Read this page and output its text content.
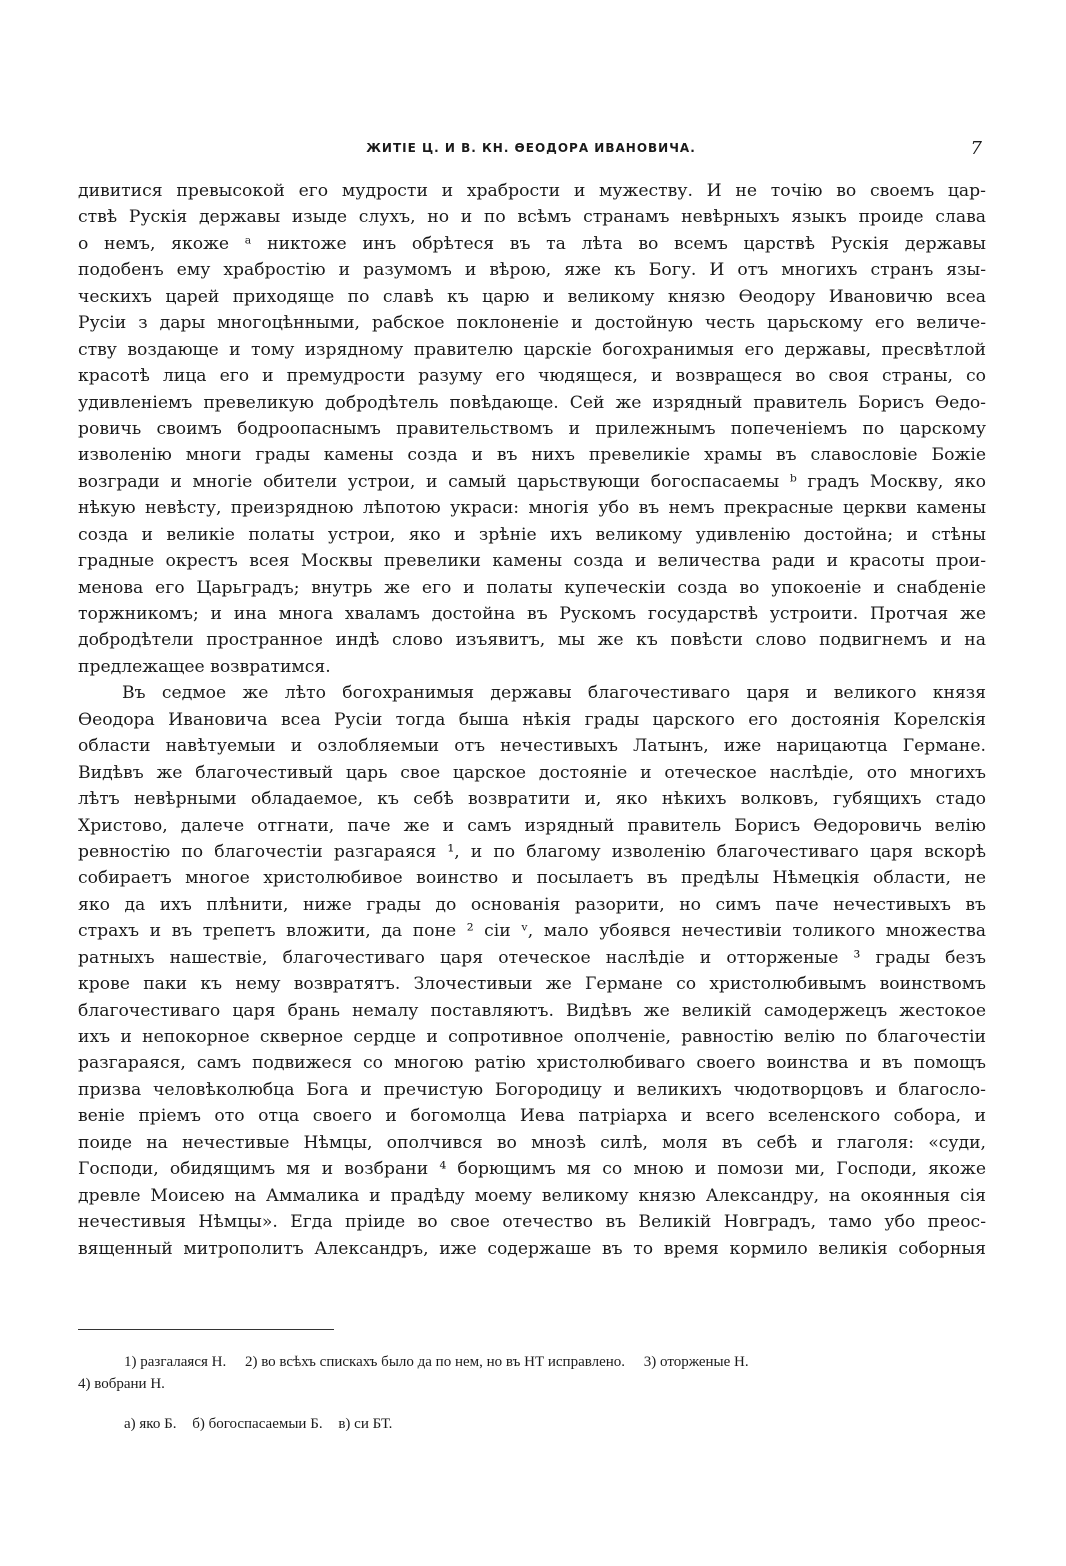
ЖИТІЕ Ц. И В. КН. ѲЕОДОРА ИВАНОВИЧА.	7
дивитися превысокой его мудрости и храбрости и мужеству. И не точію во своемъ цар-
ствѣ Рускія державы изыде слухъ, но и по всѣмъ странамъ невѣрныхъ языкъ проиде слава
о немъ, якоже ᵃ никтоже инъ обрѣтеся въ та лѣта во всемъ царствѣ Рускія державы
подобенъ ему храбростію и разумомъ и вѣрою, яже къ Богу. И отъ многихъ странъ язы-
ческихъ царей приходяще по славѣ къ царю и великому князю Ѳеодору Ивановичю всеа
Русіи з дары многоцѣнными, рабское поклоненіе и достойную честь царьскому его величе-
ству воздающе и тому изрядному правителю царскіе богохранимыя его державы, пресвѣтлой
красотѣ лица его и премудрости разуму его чюдящеся, и возвращеся во своя страны, со
удивленіемъ превеликую добродѣтель повѣдающе. Сей же изрядный правитель Борисъ Ѳедо-
ровичь своимъ бодроопаснымъ правительствомъ и прилежнымъ попеченіемъ по царскому
изволенію многи грады камены созда и въ нихъ превеликіе храмы въ славословіе Божіе
возгради и многіе обители устрои, и самый царьствующи богоспасаемы ᵇ градъ Москву, яко
нѣкую невѣсту, преизрядною лѣпотою украси: многія убо въ немъ прекрасные церкви камены
созда и великіе полаты устрои, яко и зрѣніе ихъ великому удивленію достойна; и стѣны
градные окрестъ всея Москвы превелики камены созда и величества ради и красоты прои-
менова его Царьградъ; внутрь же его и полаты купеческіи созда во упокоеніе и снабденіе
торжникомъ; и ина многа хваламъ достойна въ Рускомъ государствѣ устроити. Протчая же
добродѣтели пространное индѣ слово изъявитъ, мы же къ повѣсти слово подвигнемъ и на
предлежащее возвратимся.
Въ седмое же лѣто богохранимыя державы благочестиваго царя и великого князя
Ѳеодора Ивановича всеа Русіи тогда быша нѣкія грады царского его достоянія Корелскія
области навѣтуемыи и озлобляемыи отъ нечестивыхъ Латынъ, иже нарицаютца Германе.
Видѣвъ же благочестивый царь свое царское достояніе и отеческое наслѣдіе, ото многихъ
лѣтъ невѣрными обладаемое, къ себѣ возвратити и, яко нѣкихъ волковъ, губящихъ стадо
Христово, далече отгнати, паче же и самъ изрядный правитель Борисъ Ѳедоровичь велію
ревностію по благочестіи разгараяся ¹, и по благому изволенію благочестиваго царя вскорѣ
собираетъ многое христолюбивое воинство и посылаетъ въ предѣлы Нѣмецкія области, не
яко да ихъ плѣнити, ниже грады до основанія разорити, но симъ паче нечестивыхъ въ
страхъ и въ трепетъ вложити, да поне ² сіи ᵛ, мало убоявся нечестивіи толикого множества
ратныхъ нашествіе, благочестиваго царя отеческое наслѣдіе и отторженые ³ грады безъ
крове паки къ нему возвратятъ. Злочестивыи же Германе со христолюбивымъ воинствомъ
благочестиваго царя брань немалу поставляютъ. Видѣвъ же великій самодержецъ жестокое
ихъ и непокорное скверное сердце и сопротивное ополченіе, равностію велію по благочестіи
разгараяся, самъ подвижеся со многою ратію христолюбиваго своего воинства и въ помощъ
призва человѣколюбца Бога и пречистую Богородицу и великихъ чюдотворцовъ и благосло-
веніе пріемъ ото отца своего и богомолца Иева патріарха и всего вселенского собора, и
поиде на нечестивые Нѣмцы, ополчився во мнозѣ силѣ, моля въ себѣ и глаголя: «суди,
Господи, обидящимъ мя и возбрани ⁴ борющимъ мя со мною и помози ми, Господи, якоже
древле Моисею на Аммалика и прадѣду моему великому князю Александру, на окоянныя сія
нечестивыя Нѣмцы». Егда пріиде во свое отечество въ Великій Новградъ, тамо убо преос-
вященный митрополитъ Александръ, иже содержаше въ то время кормило великія соборныя
1) разгалаяся Н. 2) во всѣхъ спискахъ было да по нем, но въ НТ исправлено. 3) оторженые Н.
4) вобрани Н.
а) яко Б. б) богоспасаемыи Б. в) си БТ.
